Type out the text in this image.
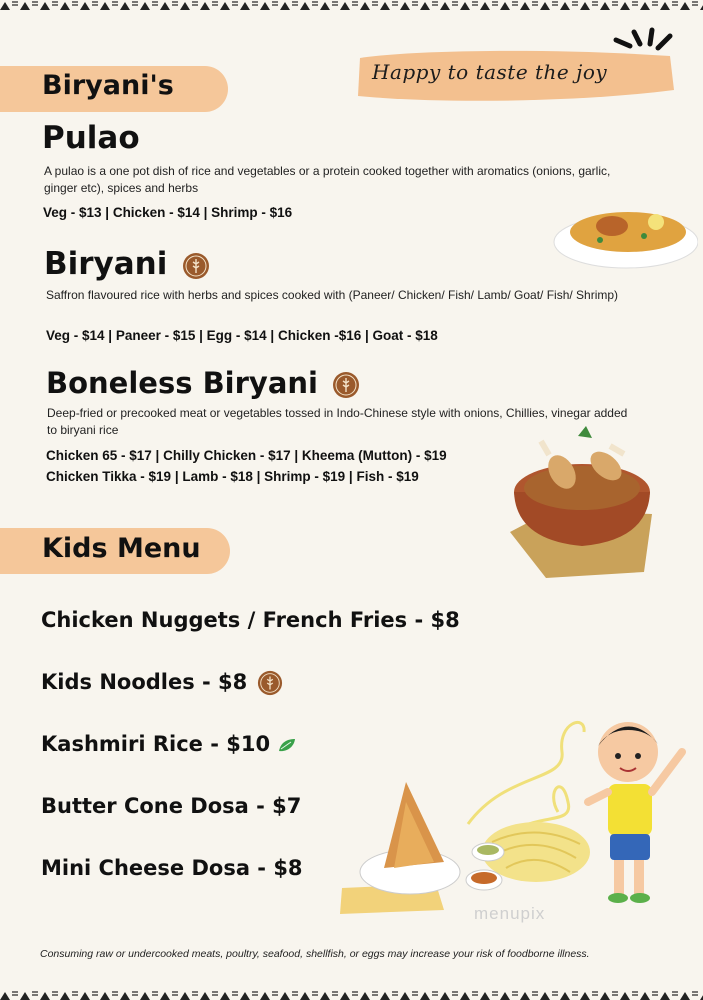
Biryani's	Happy to taste the joy
Pulao
A pulao is a one pot dish of rice and vegetables or a protein cooked together with aromatics (onions, garlic, ginger etc), spices and herbs
Veg - $13 | Chicken - $14 | Shrimp - $16
Biryani
Saffron flavoured rice with herbs and spices cooked with (Paneer/ Chicken/ Fish/ Lamb/ Goat/ Fish/ Shrimp)
Veg - $14 | Paneer - $15 | Egg - $14 | Chicken -$16 | Goat - $18
Boneless Biryani
Deep-fried or precooked meat or vegetables tossed in Indo-Chinese style with onions, Chillies, vinegar added to biryani rice
Chicken 65 - $17 | Chilly Chicken - $17 | Kheema (Mutton) - $19
Chicken Tikka - $19 | Lamb - $18 | Shrimp - $19 | Fish - $19
Kids Menu
Chicken Nuggets / French Fries - $8
Kids Noodles - $8
Kashmiri Rice - $10
Butter Cone Dosa - $7
Mini Cheese Dosa - $8
menupix
Consuming raw or undercooked meats, poultry, seafood, shellfish, or eggs may increase your risk of foodborne illness.
